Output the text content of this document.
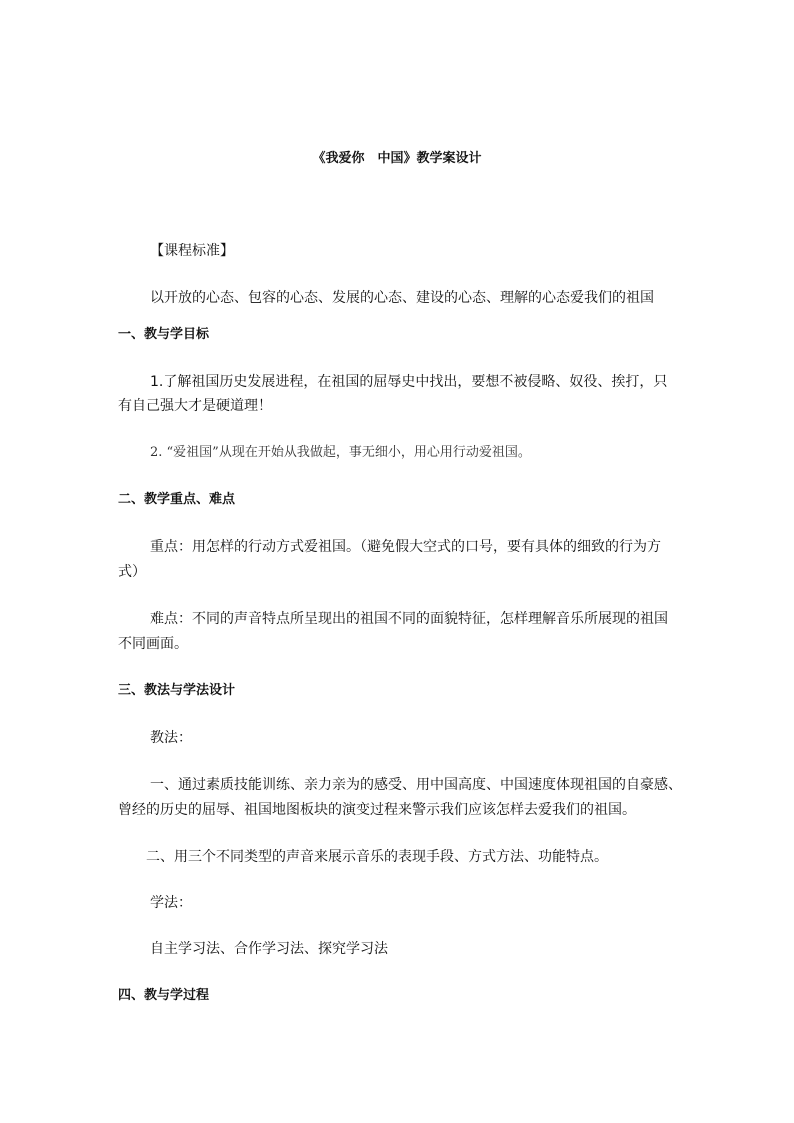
《我爱你　中国》教学案设计
【课程标准】
以开放的心态、包容的心态、发展的心态、建设的心态、理解的心态爱我们的祖国
一、教与学目标
1.了解祖国历史发展进程，在祖国的屈辱史中找出，要想不被侵略、奴役、挨打，只
有自己强大才是硬道理！
2. “爱祖国”从现在开始从我做起，事无细小，用心用行动爱祖国。
二、教学重点、难点
重点：用怎样的行动方式爱祖国。（避免假大空式的口号，要有具体的细致的行为方
式）
难点：不同的声音特点所呈现出的祖国不同的面貌特征，怎样理解音乐所展现的祖国
不同画面。
三、教法与学法设计
教法：
一、通过素质技能训练、亲力亲为的感受、用中国高度、中国速度体现祖国的自豪感、
曾经的历史的屈辱、祖国地图板块的演变过程来警示我们应该怎样去爱我们的祖国。
二、用三个不同类型的声音来展示音乐的表现手段、方式方法、功能特点。
学法：
自主学习法、合作学习法、探究学习法
四、教与学过程
